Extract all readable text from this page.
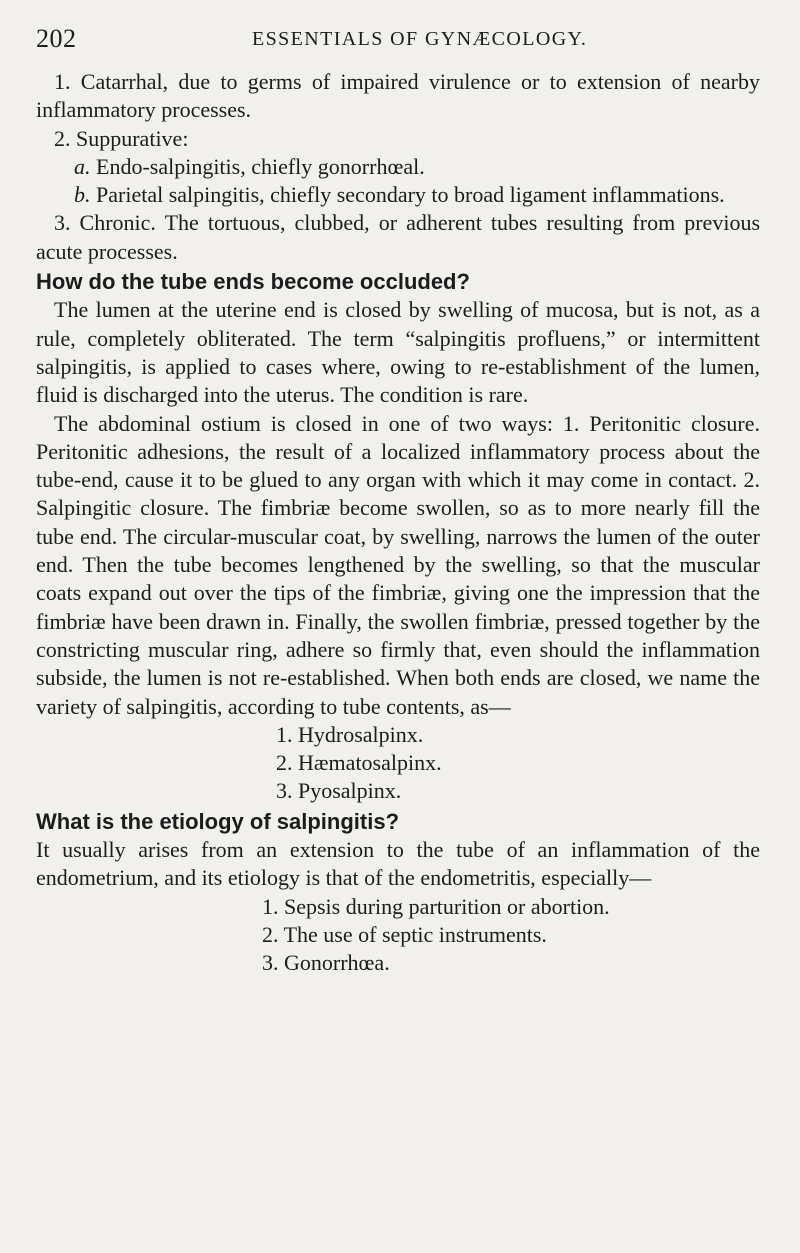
202	ESSENTIALS OF GYNÆCOLOGY.

1. Catarrhal, due to germs of impaired virulence or to extension of nearby inflammatory processes.

2. Suppurative:

a. Endo-salpingitis, chiefly gonorrhœal.

b. Parietal salpingitis, chiefly secondary to broad ligament inflammations.

3. Chronic. The tortuous, clubbed, or adherent tubes resulting from previous acute processes.

How do the tube ends become occluded?

The lumen at the uterine end is closed by swelling of mucosa, but is not, as a rule, completely obliterated. The term “salpingitis profluens,” or intermittent salpingitis, is applied to cases where, owing to re-establishment of the lumen, fluid is discharged into the uterus. The condition is rare.

The abdominal ostium is closed in one of two ways: 1. Peritonitic closure. Peritonitic adhesions, the result of a localized inflammatory process about the tube-end, cause it to be glued to any organ with which it may come in contact. 2. Salpingitic closure. The fimbriæ become swollen, so as to more nearly fill the tube end. The circular-muscular coat, by swelling, narrows the lumen of the outer end. Then the tube becomes lengthened by the swelling, so that the muscular coats expand out over the tips of the fimbriæ, giving one the impression that the fimbriæ have been drawn in. Finally, the swollen fimbriæ, pressed together by the constricting muscular ring, adhere so firmly that, even should the inflammation subside, the lumen is not re-established. When both ends are closed, we name the variety of salpingitis, according to tube contents, as—

1. Hydrosalpinx.
2. Hæmatosalpinx.
3. Pyosalpinx.

What is the etiology of salpingitis?

It usually arises from an extension to the tube of an inflammation of the endometrium, and its etiology is that of the endometritis, especially—

1. Sepsis during parturition or abortion.
2. The use of septic instruments.
3. Gonorrhœa.
